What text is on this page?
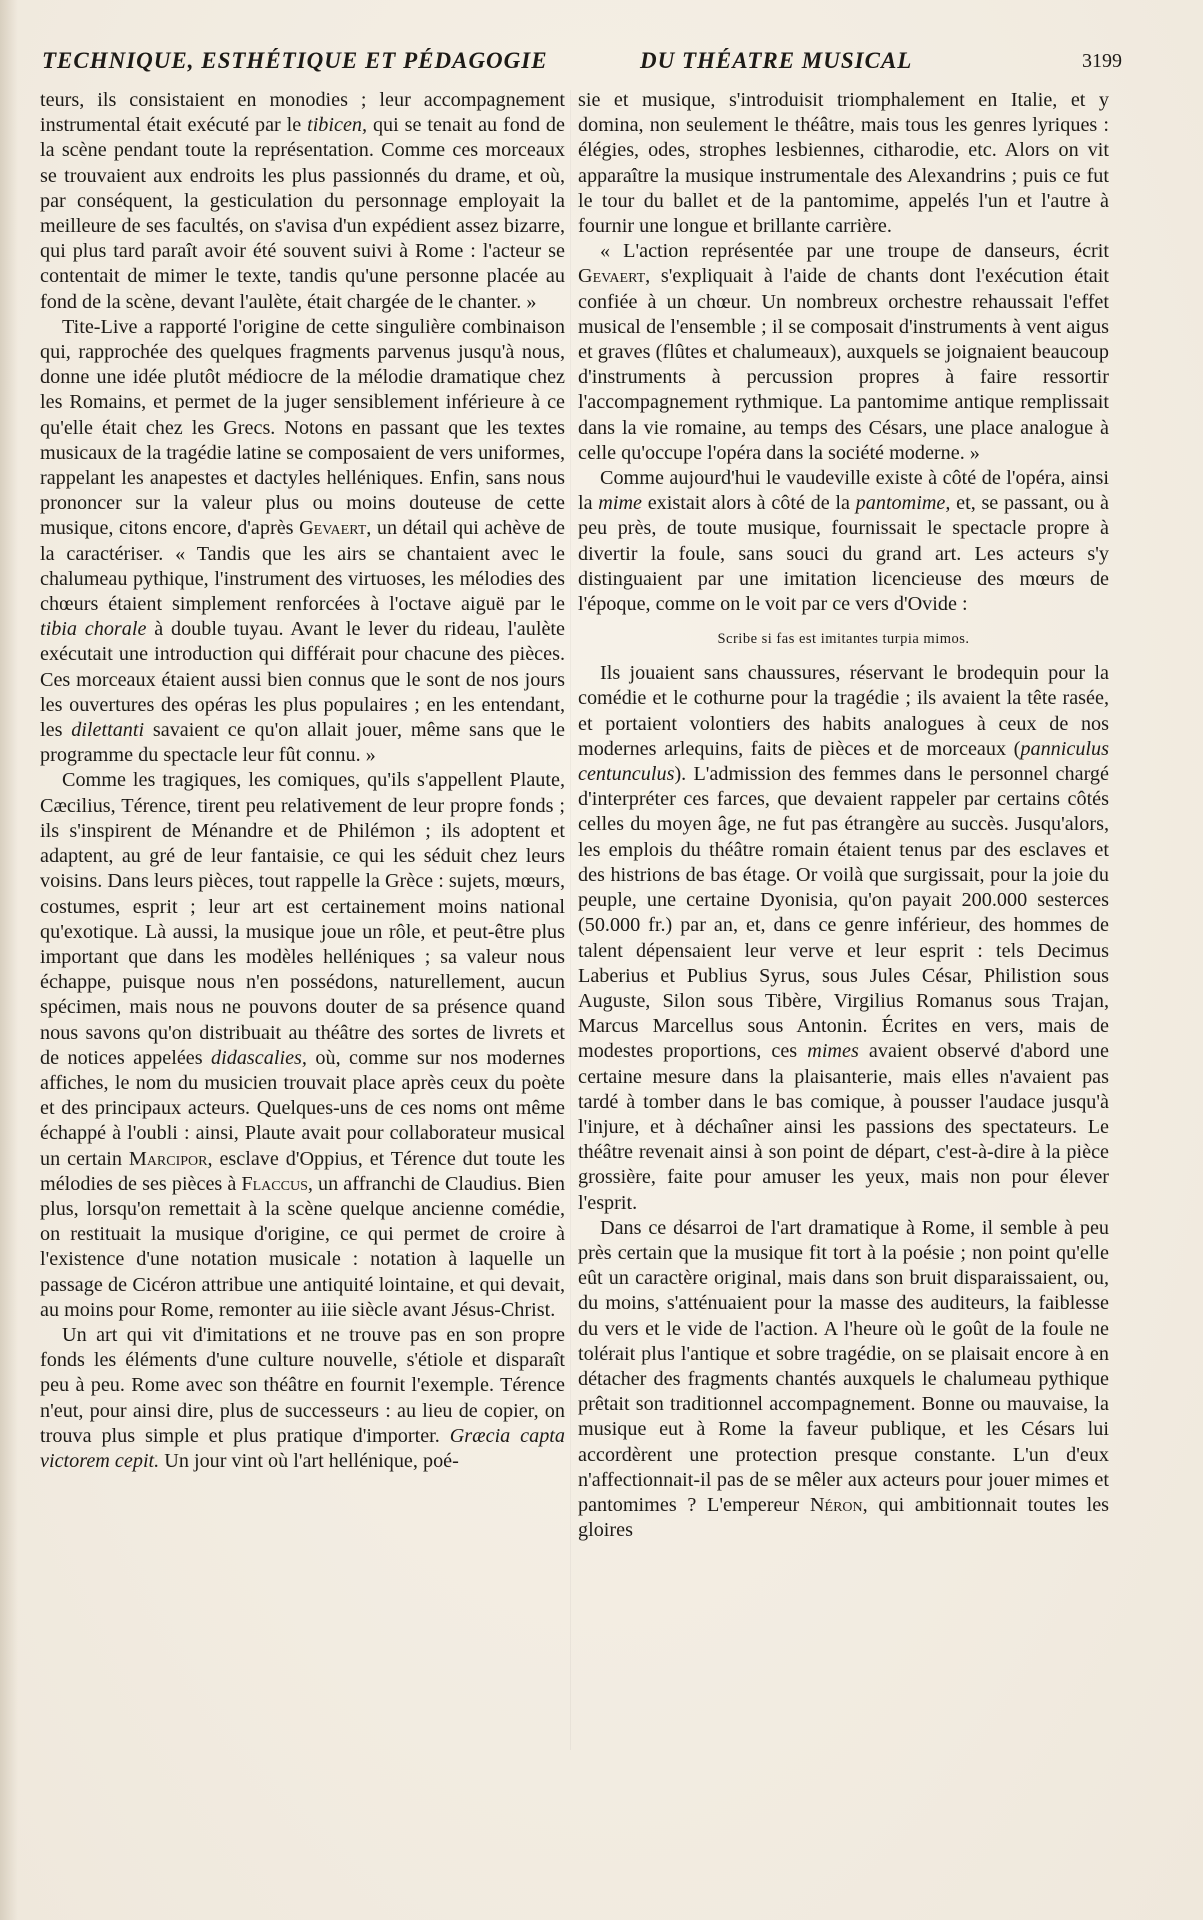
TECHNIQUE, ESTHÉTIQUE ET PÉDAGOGIE	DU THÉATRE MUSICAL	3199

teurs, ils consistaient en monodies ; leur accompagnement instrumental était exécuté par le tibicen, qui se tenait au fond de la scène pendant toute la représentation. Comme ces morceaux se trouvaient aux endroits les plus passionnés du drame, et où, par conséquent, la gesticulation du personnage employait la meilleure de ses facultés, on s'avisa d'un expédient assez bizarre, qui plus tard paraît avoir été souvent suivi à Rome : l'acteur se contentait de mimer le texte, tandis qu'une personne placée au fond de la scène, devant l'aulète, était chargée de le chanter. »

Tite-Live a rapporté l'origine de cette singulière combinaison qui, rapprochée des quelques fragments parvenus jusqu'à nous, donne une idée plutôt médiocre de la mélodie dramatique chez les Romains, et permet de la juger sensiblement inférieure à ce qu'elle était chez les Grecs. Notons en passant que les textes musicaux de la tragédie latine se composaient de vers uniformes, rappelant les anapestes et dactyles helléniques. Enfin, sans nous prononcer sur la valeur plus ou moins douteuse de cette musique, citons encore, d'après Gevaert, un détail qui achève de la caractériser. « Tandis que les airs se chantaient avec le chalumeau pythique, l'instrument des virtuoses, les mélodies des chœurs étaient simplement renforcées à l'octave aiguë par le tibia chorale à double tuyau. Avant le lever du rideau, l'aulète exécutait une introduction qui différait pour chacune des pièces. Ces morceaux étaient aussi bien connus que le sont de nos jours les ouvertures des opéras les plus populaires ; en les entendant, les dilettanti savaient ce qu'on allait jouer, même sans que le programme du spectacle leur fût connu. »

Comme les tragiques, les comiques, qu'ils s'appellent Plaute, Cæcilius, Térence, tirent peu relativement de leur propre fonds ; ils s'inspirent de Ménandre et de Philémon ; ils adoptent et adaptent, au gré de leur fantaisie, ce qui les séduit chez leurs voisins. Dans leurs pièces, tout rappelle la Grèce : sujets, mœurs, costumes, esprit ; leur art est certainement moins national qu'exotique. Là aussi, la musique joue un rôle, et peut-être plus important que dans les modèles helléniques ; sa valeur nous échappe, puisque nous n'en possédons, naturellement, aucun spécimen, mais nous ne pouvons douter de sa présence quand nous savons qu'on distribuait au théâtre des sortes de livrets et de notices appelées didascalies, où, comme sur nos modernes affiches, le nom du musicien trouvait place après ceux du poète et des principaux acteurs. Quelques-uns de ces noms ont même échappé à l'oubli : ainsi, Plaute avait pour collaborateur musical un certain Marcipor, esclave d'Oppius, et Térence dut toute les mélodies de ses pièces à Flaccus, un affranchi de Claudius. Bien plus, lorsqu'on remettait à la scène quelque ancienne comédie, on restituait la musique d'origine, ce qui permet de croire à l'existence d'une notation musicale : notation à laquelle un passage de Cicéron attribue une antiquité lointaine, et qui devait, au moins pour Rome, remonter au iiie siècle avant Jésus-Christ.

Un art qui vit d'imitations et ne trouve pas en son propre fonds les éléments d'une culture nouvelle, s'étiole et disparaît peu à peu. Rome avec son théâtre en fournit l'exemple. Térence n'eut, pour ainsi dire, plus de successeurs : au lieu de copier, on trouva plus simple et plus pratique d'importer. Græcia capta victorem cepit. Un jour vint où l'art hellénique, poé-

sie et musique, s'introduisit triomphalement en Italie, et y domina, non seulement le théâtre, mais tous les genres lyriques : élégies, odes, strophes lesbiennes, citharodie, etc. Alors on vit apparaître la musique instrumentale des Alexandrins ; puis ce fut le tour du ballet et de la pantomime, appelés l'un et l'autre à fournir une longue et brillante carrière.

« L'action représentée par une troupe de danseurs, écrit Gevaert, s'expliquait à l'aide de chants dont l'exécution était confiée à un chœur. Un nombreux orchestre rehaussait l'effet musical de l'ensemble ; il se composait d'instruments à vent aigus et graves (flûtes et chalumeaux), auxquels se joignaient beaucoup d'instruments à percussion propres à faire ressortir l'accompagnement rythmique. La pantomime antique remplissait dans la vie romaine, au temps des Césars, une place analogue à celle qu'occupe l'opéra dans la société moderne. »

Comme aujourd'hui le vaudeville existe à côté de l'opéra, ainsi la mime existait alors à côté de la pantomime, et, se passant, ou à peu près, de toute musique, fournissait le spectacle propre à divertir la foule, sans souci du grand art. Les acteurs s'y distinguaient par une imitation licencieuse des mœurs de l'époque, comme on le voit par ce vers d'Ovide :

Scribe si fas est imitantes turpia mimos.

Ils jouaient sans chaussures, réservant le brodequin pour la comédie et le cothurne pour la tragédie ; ils avaient la tête rasée, et portaient volontiers des habits analogues à ceux de nos modernes arlequins, faits de pièces et de morceaux (panniculus centunculus). L'admission des femmes dans le personnel chargé d'interpréter ces farces, que devaient rappeler par certains côtés celles du moyen âge, ne fut pas étrangère au succès. Jusqu'alors, les emplois du théâtre romain étaient tenus par des esclaves et des histrions de bas étage. Or voilà que surgissait, pour la joie du peuple, une certaine Dyonisia, qu'on payait 200.000 sesterces (50.000 fr.) par an, et, dans ce genre inférieur, des hommes de talent dépensaient leur verve et leur esprit : tels Decimus Laberius et Publius Syrus, sous Jules César, Philistion sous Auguste, Silon sous Tibère, Virgilius Romanus sous Trajan, Marcus Marcellus sous Antonin. Écrites en vers, mais de modestes proportions, ces mimes avaient observé d'abord une certaine mesure dans la plaisanterie, mais elles n'avaient pas tardé à tomber dans le bas comique, à pousser l'audace jusqu'à l'injure, et à déchaîner ainsi les passions des spectateurs. Le théâtre revenait ainsi à son point de départ, c'est-à-dire à la pièce grossière, faite pour amuser les yeux, mais non pour élever l'esprit.

Dans ce désarroi de l'art dramatique à Rome, il semble à peu près certain que la musique fit tort à la poésie ; non point qu'elle eût un caractère original, mais dans son bruit disparaissaient, ou, du moins, s'atténuaient pour la masse des auditeurs, la faiblesse du vers et le vide de l'action. A l'heure où le goût de la foule ne tolérait plus l'antique et sobre tragédie, on se plaisait encore à en détacher des fragments chantés auxquels le chalumeau pythique prêtait son traditionnel accompagnement. Bonne ou mauvaise, la musique eut à Rome la faveur publique, et les Césars lui accordèrent une protection presque constante. L'un d'eux n'affectionnait-il pas de se mêler aux acteurs pour jouer mimes et pantomimes ? L'empereur Néron, qui ambitionnait toutes les gloires
